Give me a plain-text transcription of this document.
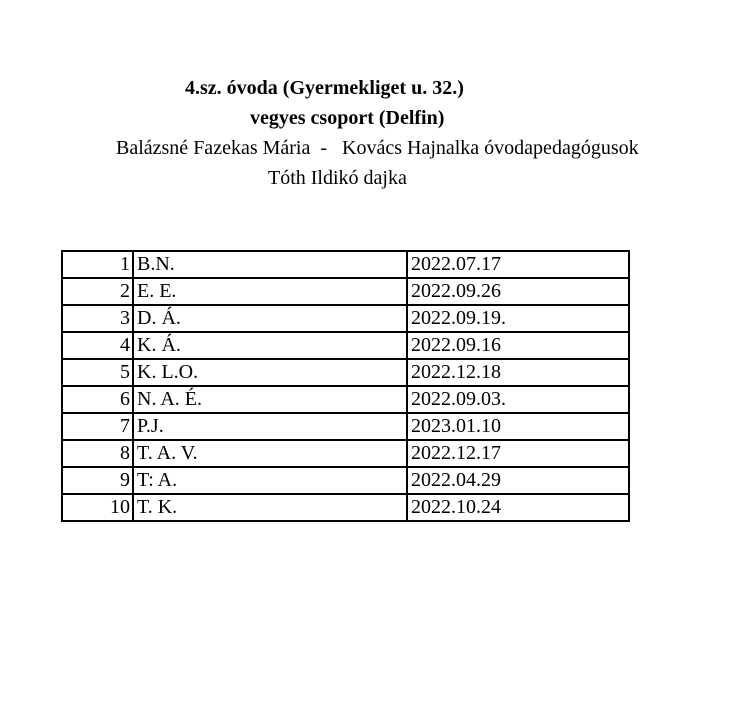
4.sz. óvoda (Gyermekliget u. 32.)
vegyes csoport (Delfin)
Balázsné Fazekas Mária  -   Kovács Hajnalka óvodapedagógusok
Tóth Ildikó dajka
1	B.N.	2022.07.17
2	E. E.	2022.09.26
3	D. Á.	2022.09.19.
4	K. Á.	2022.09.16
5	K. L.O.	2022.12.18
6	N. A. É.	2022.09.03.
7	P.J.	2023.01.10
8	T. A. V.	2022.12.17
9	T: A.	2022.04.29
10	T. K.	2022.10.24
